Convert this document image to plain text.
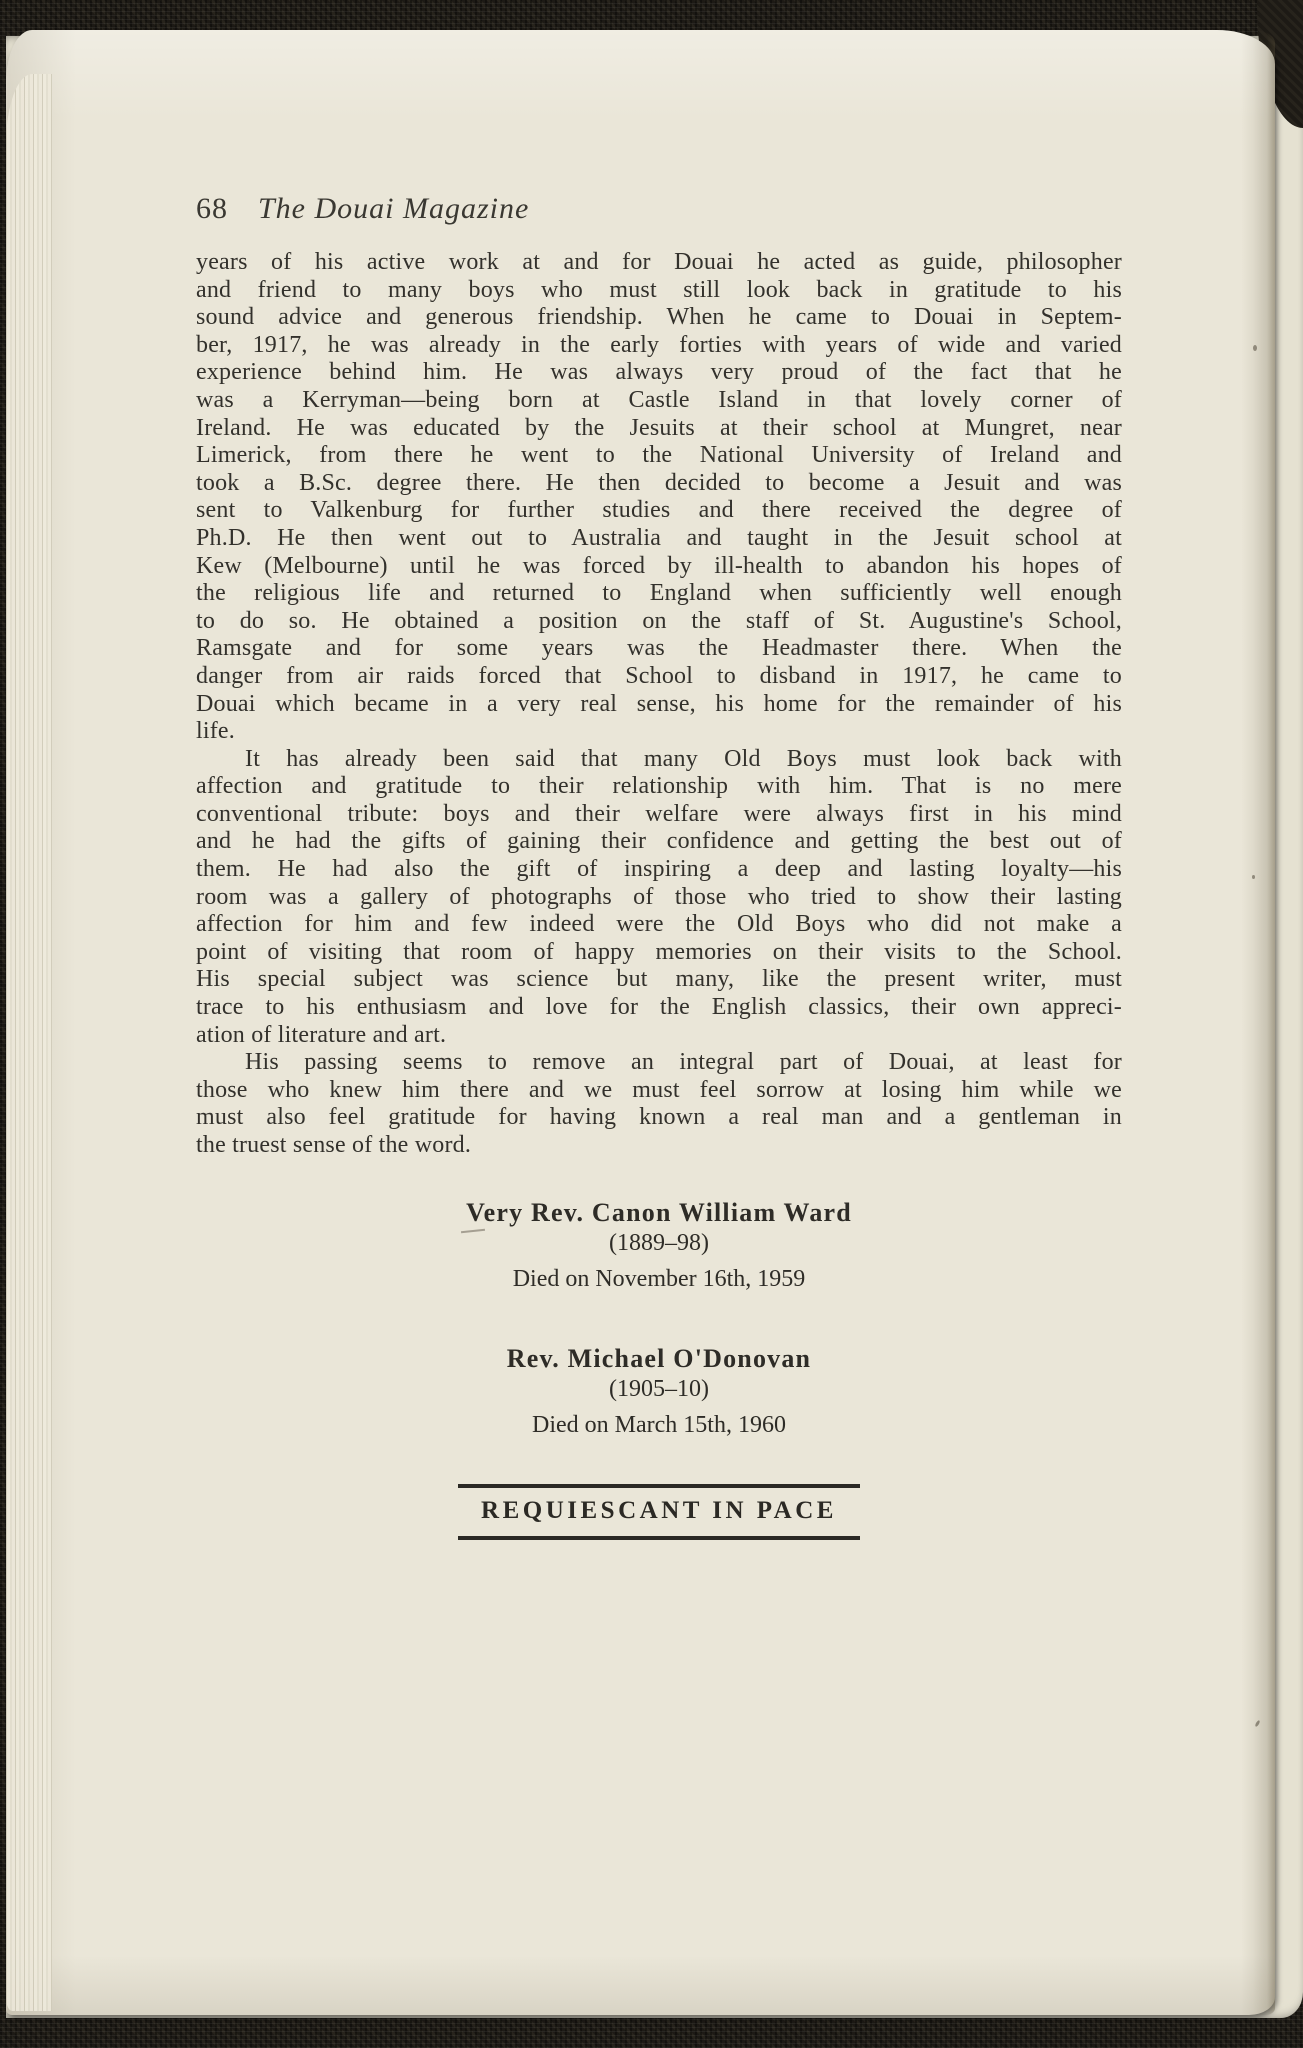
68 The Douai Magazine
years of his active work at and for Douai he acted as guide, philosopher
and friend to many boys who must still look back in gratitude to his
sound advice and generous friendship. When he came to Douai in Septem-
ber, 1917, he was already in the early forties with years of wide and varied
experience behind him. He was always very proud of the fact that he
was a Kerryman—being born at Castle Island in that lovely corner of
Ireland. He was educated by the Jesuits at their school at Mungret, near
Limerick, from there he went to the National University of Ireland and
took a B.Sc. degree there. He then decided to become a Jesuit and was
sent to Valkenburg for further studies and there received the degree of
Ph.D. He then went out to Australia and taught in the Jesuit school at
Kew (Melbourne) until he was forced by ill-health to abandon his hopes of
the religious life and returned to England when sufficiently well enough
to do so. He obtained a position on the staff of St. Augustine's School,
Ramsgate and for some years was the Headmaster there. When the
danger from air raids forced that School to disband in 1917, he came to
Douai which became in a very real sense, his home for the remainder of his
life.
It has already been said that many Old Boys must look back with
affection and gratitude to their relationship with him. That is no mere
conventional tribute: boys and their welfare were always first in his mind
and he had the gifts of gaining their confidence and getting the best out of
them. He had also the gift of inspiring a deep and lasting loyalty—his
room was a gallery of photographs of those who tried to show their lasting
affection for him and few indeed were the Old Boys who did not make a
point of visiting that room of happy memories on their visits to the School.
His special subject was science but many, like the present writer, must
trace to his enthusiasm and love for the English classics, their own appreci-
ation of literature and art.
His passing seems to remove an integral part of Douai, at least for
those who knew him there and we must feel sorrow at losing him while we
must also feel gratitude for having known a real man and a gentleman in
the truest sense of the word.
Very Rev. Canon William Ward
(1889–98)
Died on November 16th, 1959
Rev. Michael O'Donovan
(1905–10)
Died on March 15th, 1960
REQUIESCANT IN PACE
